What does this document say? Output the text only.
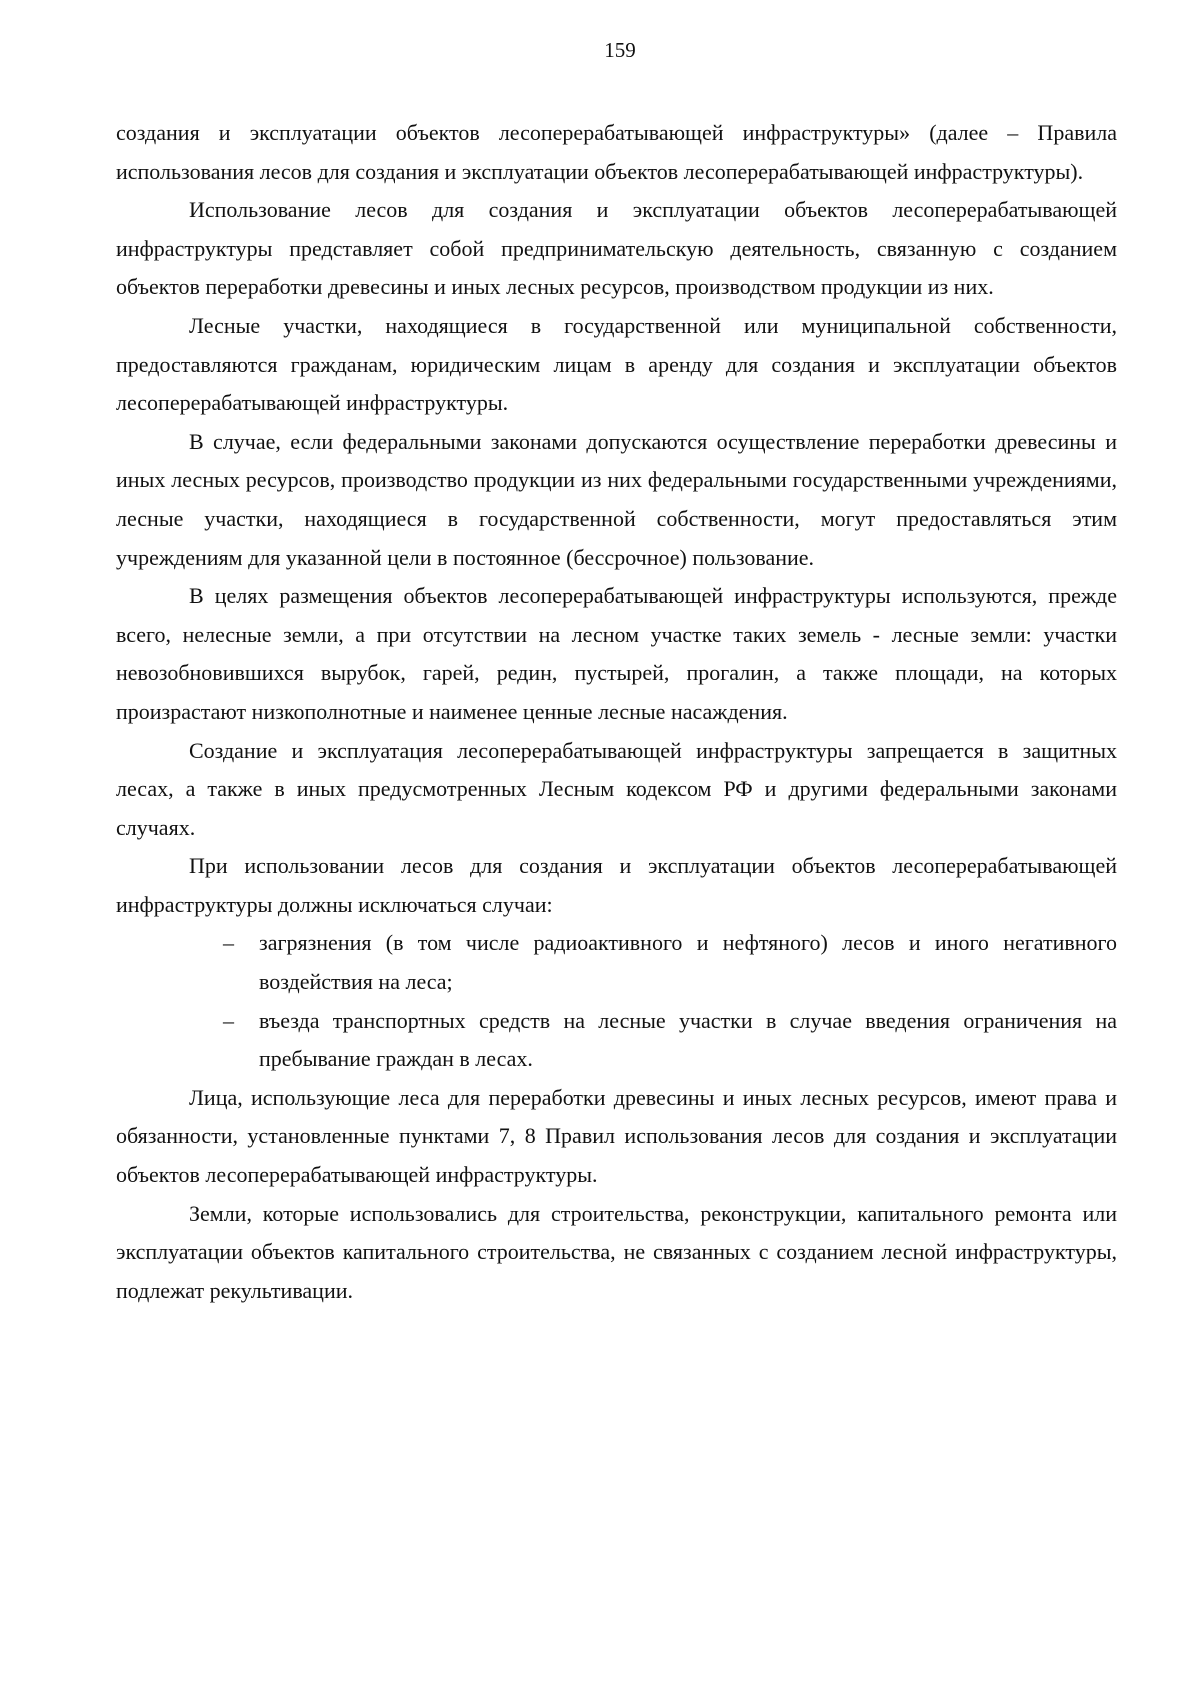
159

создания и эксплуатации объектов лесоперерабатывающей инфраструктуры» (далее – Правила использования лесов для создания и эксплуатации объектов лесоперерабатывающей инфраструктуры).

Использование лесов для создания и эксплуатации объектов лесоперерабатывающей инфраструктуры представляет собой предпринимательскую деятельность, связанную с созданием объектов переработки древесины и иных лесных ресурсов, производством продукции из них.

Лесные участки, находящиеся в государственной или муниципальной собственности, предоставляются гражданам, юридическим лицам в аренду для создания и эксплуатации объектов лесоперерабатывающей инфраструктуры.

В случае, если федеральными законами допускаются осуществление переработки древесины и иных лесных ресурсов, производство продукции из них федеральными государственными учреждениями, лесные участки, находящиеся в государственной собственности, могут предоставляться этим учреждениям для указанной цели в постоянное (бессрочное) пользование.

В целях размещения объектов лесоперерабатывающей инфраструктуры используются, прежде всего, нелесные земли, а при отсутствии на лесном участке таких земель - лесные земли: участки невозобновившихся вырубок, гарей, редин, пустырей, прогалин, а также площади, на которых произрастают низкополнотные и наименее ценные лесные насаждения.

Создание и эксплуатация лесоперерабатывающей инфраструктуры запрещается в защитных лесах, а также в иных предусмотренных Лесным кодексом РФ и другими федеральными законами случаях.

При использовании лесов для создания и эксплуатации объектов лесоперерабатывающей инфраструктуры должны исключаться случаи:

– загрязнения (в том числе радиоактивного и нефтяного) лесов и иного негативного воздействия на леса;
– въезда транспортных средств на лесные участки в случае введения ограничения на пребывание граждан в лесах.

Лица, использующие леса для переработки древесины и иных лесных ресурсов, имеют права и обязанности, установленные пунктами 7, 8 Правил использования лесов для создания и эксплуатации объектов лесоперерабатывающей инфраструктуры.

Земли, которые использовались для строительства, реконструкции, капитального ремонта или эксплуатации объектов капитального строительства, не связанных с созданием лесной инфраструктуры, подлежат рекультивации.
